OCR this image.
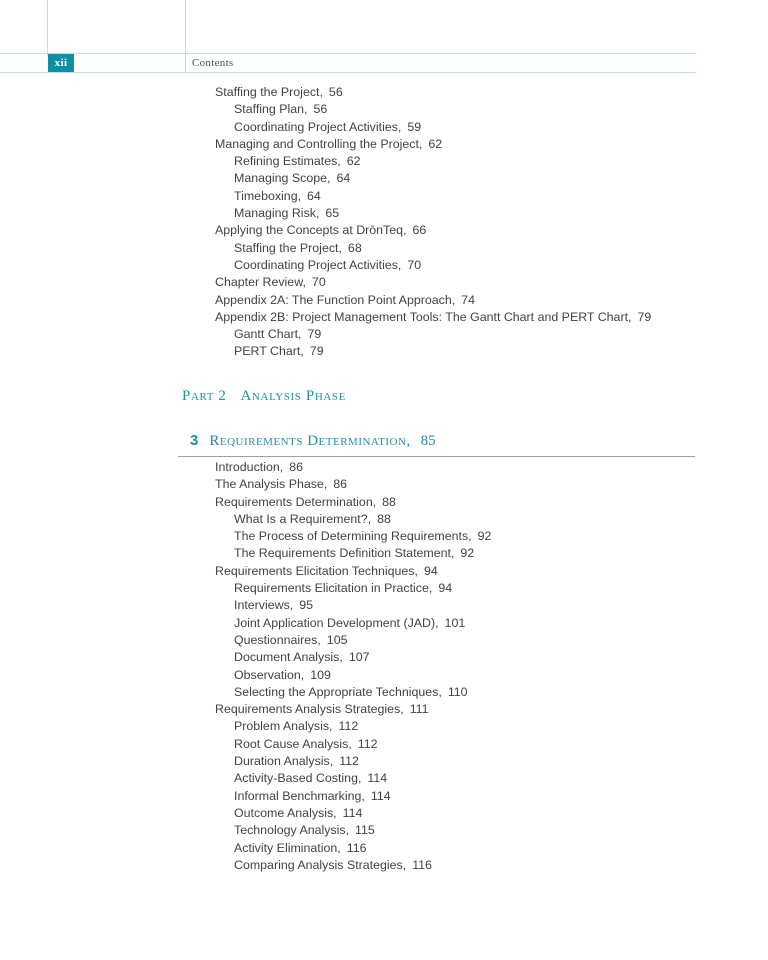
xii	Contents
Staffing the Project, 56
Staffing Plan, 56
Coordinating Project Activities, 59
Managing and Controlling the Project, 62
Refining Estimates, 62
Managing Scope, 64
Timeboxing, 64
Managing Risk, 65
Applying the Concepts at DrōnTeq, 66
Staffing the Project, 68
Coordinating Project Activities, 70
Chapter Review, 70
Appendix 2A: The Function Point Approach, 74
Appendix 2B: Project Management Tools: The Gantt Chart and PERT Chart, 79
Gantt Chart, 79
PERT Chart, 79
Part 2 Analysis Phase
3 Requirements Determination, 85
Introduction, 86
The Analysis Phase, 86
Requirements Determination, 88
What Is a Requirement?, 88
The Process of Determining Requirements, 92
The Requirements Definition Statement, 92
Requirements Elicitation Techniques, 94
Requirements Elicitation in Practice, 94
Interviews, 95
Joint Application Development (JAD), 101
Questionnaires, 105
Document Analysis, 107
Observation, 109
Selecting the Appropriate Techniques, 110
Requirements Analysis Strategies, 111
Problem Analysis, 112
Root Cause Analysis, 112
Duration Analysis, 112
Activity-Based Costing, 114
Informal Benchmarking, 114
Outcome Analysis, 114
Technology Analysis, 115
Activity Elimination, 116
Comparing Analysis Strategies, 116
